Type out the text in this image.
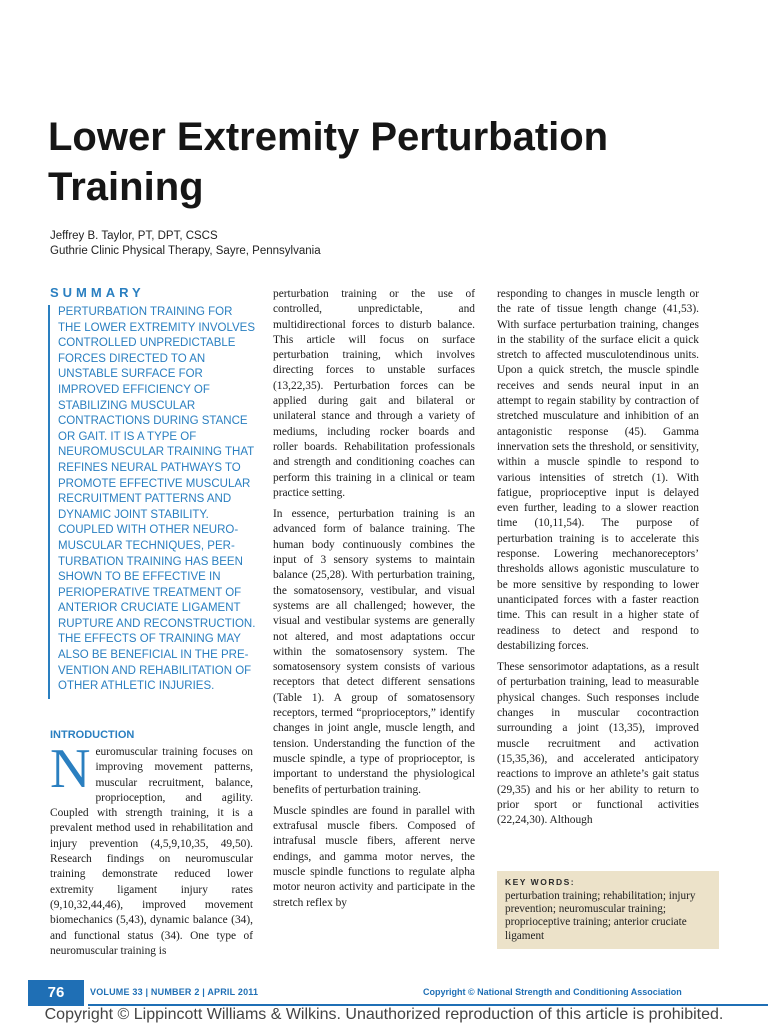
Lower Extremity Perturbation Training
Jeffrey B. Taylor, PT, DPT, CSCS
Guthrie Clinic Physical Therapy, Sayre, Pennsylvania
SUMMARY

PERTURBATION TRAINING FOR THE LOWER EXTREMITY INVOLVES CONTROLLED UNPREDICTABLE FORCES DIRECTED TO AN UNSTABLE SURFACE FOR IMPROVED EFFICIENCY OF STABILIZING MUSCULAR CONTRACTIONS DURING STANCE OR GAIT. IT IS A TYPE OF NEUROMUSCULAR TRAINING THAT REFINES NEURAL PATHWAYS TO PROMOTE EFFECTIVE MUSCULAR RECRUITMENT PATTERNS AND DYNAMIC JOINT STABILITY. COUPLED WITH OTHER NEURO-MUSCULAR TECHNIQUES, PER-TURBATION TRAINING HAS BEEN SHOWN TO BE EFFECTIVE IN PERIOPERATIVE TREATMENT OF ANTERIOR CRUCIATE LIGAMENT RUPTURE AND RECONSTRUCTION. THE EFFECTS OF TRAINING MAY ALSO BE BENEFICIAL IN THE PRE-VENTION AND REHABILITATION OF OTHER ATHLETIC INJURIES.

INTRODUCTION

Neuromuscular training focuses on improving movement patterns, muscular recruitment, balance, proprioception, and agility. Coupled with strength training, it is a prevalent method used in rehabilitation and injury prevention (4,5,9,10,35, 49,50). Research findings on neuromuscular training demonstrate reduced lower extremity ligament injury rates (9,10,32,44,46), improved movement biomechanics (5,43), dynamic balance (34), and functional status (34). One type of neuromuscular training is

perturbation training or the use of controlled, unpredictable, and multidirectional forces to disturb balance. This article will focus on surface perturbation training, which involves directing forces to unstable surfaces (13,22,35). Perturbation forces can be applied during gait and bilateral or unilateral stance and through a variety of mediums, including rocker boards and roller boards. Rehabilitation professionals and strength and conditioning coaches can perform this training in a clinical or team practice setting.

In essence, perturbation training is an advanced form of balance training. The human body continuously combines the input of 3 sensory systems to maintain balance (25,28). With perturbation training, the somatosensory, vestibular, and visual systems are all challenged; however, the visual and vestibular systems are generally not altered, and most adaptations occur within the somatosensory system. The somatosensory system consists of various receptors that detect different sensations (Table 1). A group of somatosensory receptors, termed “proprioceptors,” identify changes in joint angle, muscle length, and tension. Understanding the function of the muscle spindle, a type of proprioceptor, is important to understand the physiological benefits of perturbation training.

Muscle spindles are found in parallel with extrafusal muscle fibers. Composed of intrafusal muscle fibers, afferent nerve endings, and gamma motor nerves, the muscle spindle functions to regulate alpha motor neuron activity and participate in the stretch reflex by

responding to changes in muscle length or the rate of tissue length change (41,53). With surface perturbation training, changes in the stability of the surface elicit a quick stretch to affected musculotendinous units. Upon a quick stretch, the muscle spindle receives and sends neural input in an attempt to regain stability by contraction of stretched musculature and inhibition of an antagonistic response (45). Gamma innervation sets the threshold, or sensitivity, within a muscle spindle to respond to various intensities of stretch (1). With fatigue, proprioceptive input is delayed even further, leading to a slower reaction time (10,11,54). The purpose of perturbation training is to accelerate this response. Lowering mechanoreceptors’ thresholds allows agonistic musculature to be more sensitive by responding to lower unanticipated forces with a faster reaction time. This can result in a higher state of readiness to detect and respond to destabilizing forces.

These sensorimotor adaptations, as a result of perturbation training, lead to measurable physical changes. Such responses include changes in muscular cocontraction surrounding a joint (13,35), improved muscle recruitment and activation (15,35,36), and accelerated anticipatory reactions to improve an athlete’s gait status (29,35) and his or her ability to return to prior sport or functional activities (22,24,30). Although

KEY WORDS:
perturbation training; rehabilitation; injury prevention; neuromuscular training; proprioceptive training; anterior cruciate ligament
76	VOLUME 33 | NUMBER 2 | APRIL 2011	Copyright © National Strength and Conditioning Association
Copyright © Lippincott Williams & Wilkins. Unauthorized reproduction of this article is prohibited.
